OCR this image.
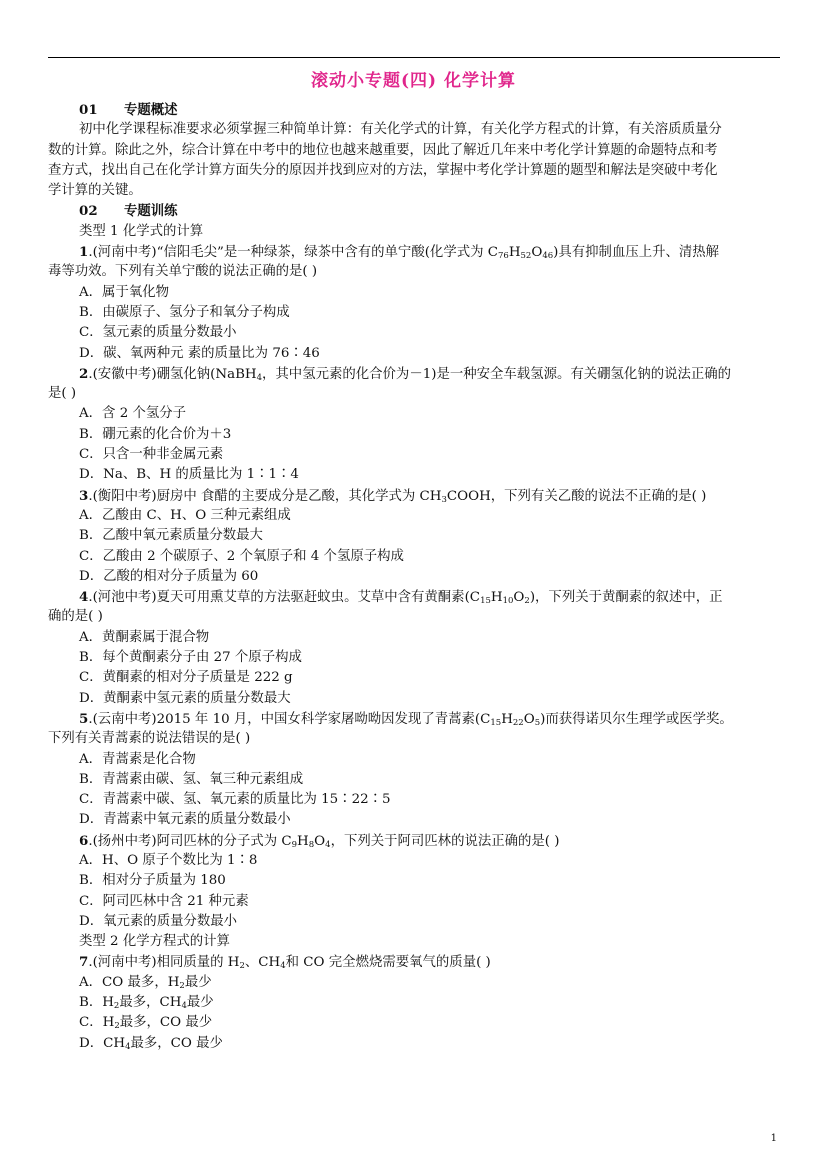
滚动小专题(四) 化学计算
01 专题概述
初中化学课程标准要求必须掌握三种简单计算：有关化学式的计算，有关化学方程式的计算，有关溶质质量分
数的计算。除此之外，综合计算在中考中的地位也越来越重要，因此了解近几年来中考化学计算题的命题特点和考
查方式，找出自己在化学计算方面失分的原因并找到应对的方法，掌握中考化学计算题的题型和解法是突破中考化
学计算的关键。
02 专题训练
类型 1 化学式的计算
1.(河南中考)“信阳毛尖”是一种绿茶，绿茶中含有的单宁酸(化学式为 $C_{76}H_{52}O_{46}$)具有抑制血压上升、清热解
毒等功效。下列有关单宁酸的说法正确的是( )
A．属于氧化物
B．由碳原子、氢分子和氧分子构成
C．氢元素的质量分数最小
D．碳、氧两种元 素的质量比为 76∶46
2.(安徽中考)硼氢化钠(NaBH$_4$，其中氢元素的化合价为－1)是一种安全车载氢源。有关硼氢化钠的说法正确的
是( )
A．含 2 个氢分子
B．硼元素的化合价为＋3
C．只含一种非金属元素
D．Na、B、H 的质量比为 1∶1∶4
3.(衡阳中考)厨房中 食醋的主要成分是乙酸，其化学式为 $CH_3COOH$，下列有关乙酸的说法不正确的是( )
A．乙酸由 C、H、O 三种元素组成
B．乙酸中氧元素质量分数最大
C．乙酸由 2 个碳原子、2 个氧原子和 4 个氢原子构成
D．乙酸的相对分子质量为 60
4.(河池中考)夏天可用熏艾草的方法驱赶蚊虫。艾草中含有黄酮素$(C_{15}H_{10}O_2)$，下列关于黄酮素的叙述中，正
确的是( )
A．黄酮素属于混合物
B．每个黄酮素分子由 27 个原子构成
C．黄酮素的相对分子质量是 222 g
D．黄酮素中氢元素的质量分数最大
5.(云南中考)2015 年 10 月，中国女科学家屠呦呦因发现了青蒿素$(C_{15}H_{22}O_5)$而获得诺贝尔生理学或医学奖。
下列有关青蒿素的说法错误的是( )
A．青蒿素是化合物
B．青蒿素由碳、氢、氧三种元素组成
C．青蒿素中碳、氢、氧元素的质量比为 15∶22∶5
D．青蒿素中氧元素的质量分数最小
6.(扬州中考)阿司匹林的分子式为 $C_9H_8O_4$，下列关于阿司匹林的说法正确的是( )
A．H、O 原子个数比为 1∶8
B．相对分子质量为 180
C．阿司匹林中含 21 种元素
D．氧元素的质量分数最小
类型 2 化学方程式的计算
7.(河南中考)相同质量的 $H_2$、$CH_4$和 CO 完全燃烧需要氧气的质量( )
A．CO 最多，$H_2$最少
B．$H_2$最多，$CH_4$最少
C．$H_2$最多，CO 最少
D．$CH_4$最多，CO 最少
1
